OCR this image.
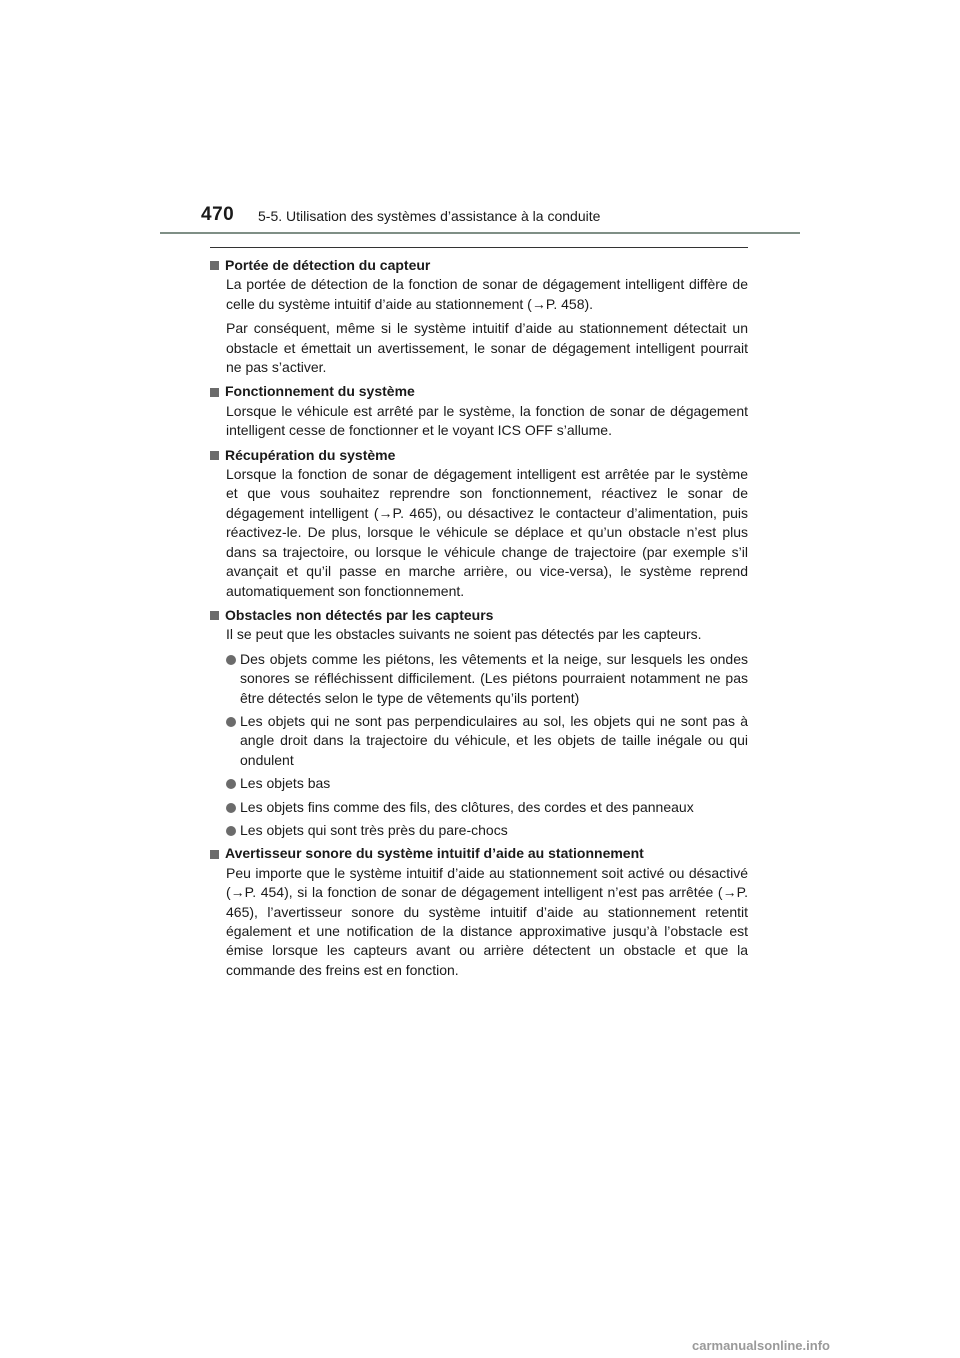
470 5-5. Utilisation des systèmes d’assistance à la conduite
Portée de détection du capteur

La portée de détection de la fonction de sonar de dégagement intelligent diffère de celle du système intuitif d’aide au stationnement (→P. 458).

Par conséquent, même si le système intuitif d’aide au stationnement détectait un obstacle et émettait un avertissement, le sonar de dégagement intelligent pourrait ne pas s’activer.

Fonctionnement du système

Lorsque le véhicule est arrêté par le système, la fonction de sonar de dégagement intelligent cesse de fonctionner et le voyant ICS OFF s’allume.

Récupération du système

Lorsque la fonction de sonar de dégagement intelligent est arrêtée par le système et que vous souhaitez reprendre son fonctionnement, réactivez le sonar de dégagement intelligent (→P. 465), ou désactivez le contacteur d’alimentation, puis réactivez-le. De plus, lorsque le véhicule se déplace et qu’un obstacle n’est plus dans sa trajectoire, ou lorsque le véhicule change de trajectoire (par exemple s’il avançait et qu’il passe en marche arrière, ou vice-versa), le système reprend automatiquement son fonctionnement.

Obstacles non détectés par les capteurs

Il se peut que les obstacles suivants ne soient pas détectés par les capteurs.

Des objets comme les piétons, les vêtements et la neige, sur lesquels les ondes sonores se réfléchissent difficilement. (Les piétons pourraient notamment ne pas être détectés selon le type de vêtements qu’ils portent)
Les objets qui ne sont pas perpendiculaires au sol, les objets qui ne sont pas à angle droit dans la trajectoire du véhicule, et les objets de taille inégale ou qui ondulent
Les objets bas
Les objets fins comme des fils, des clôtures, des cordes et des panneaux
Les objets qui sont très près du pare-chocs
Avertisseur sonore du système intuitif d’aide au stationnement

Peu importe que le système intuitif d’aide au stationnement soit activé ou désactivé (→P. 454), si la fonction de sonar de dégagement intelligent n’est pas arrêtée (→P. 465), l’avertisseur sonore du système intuitif d’aide au stationnement retentit également et une notification de la distance approximative jusqu’à l’obstacle est émise lorsque les capteurs avant ou arrière détectent un obstacle et que la commande des freins est en fonction.

carmanualsonline.info
